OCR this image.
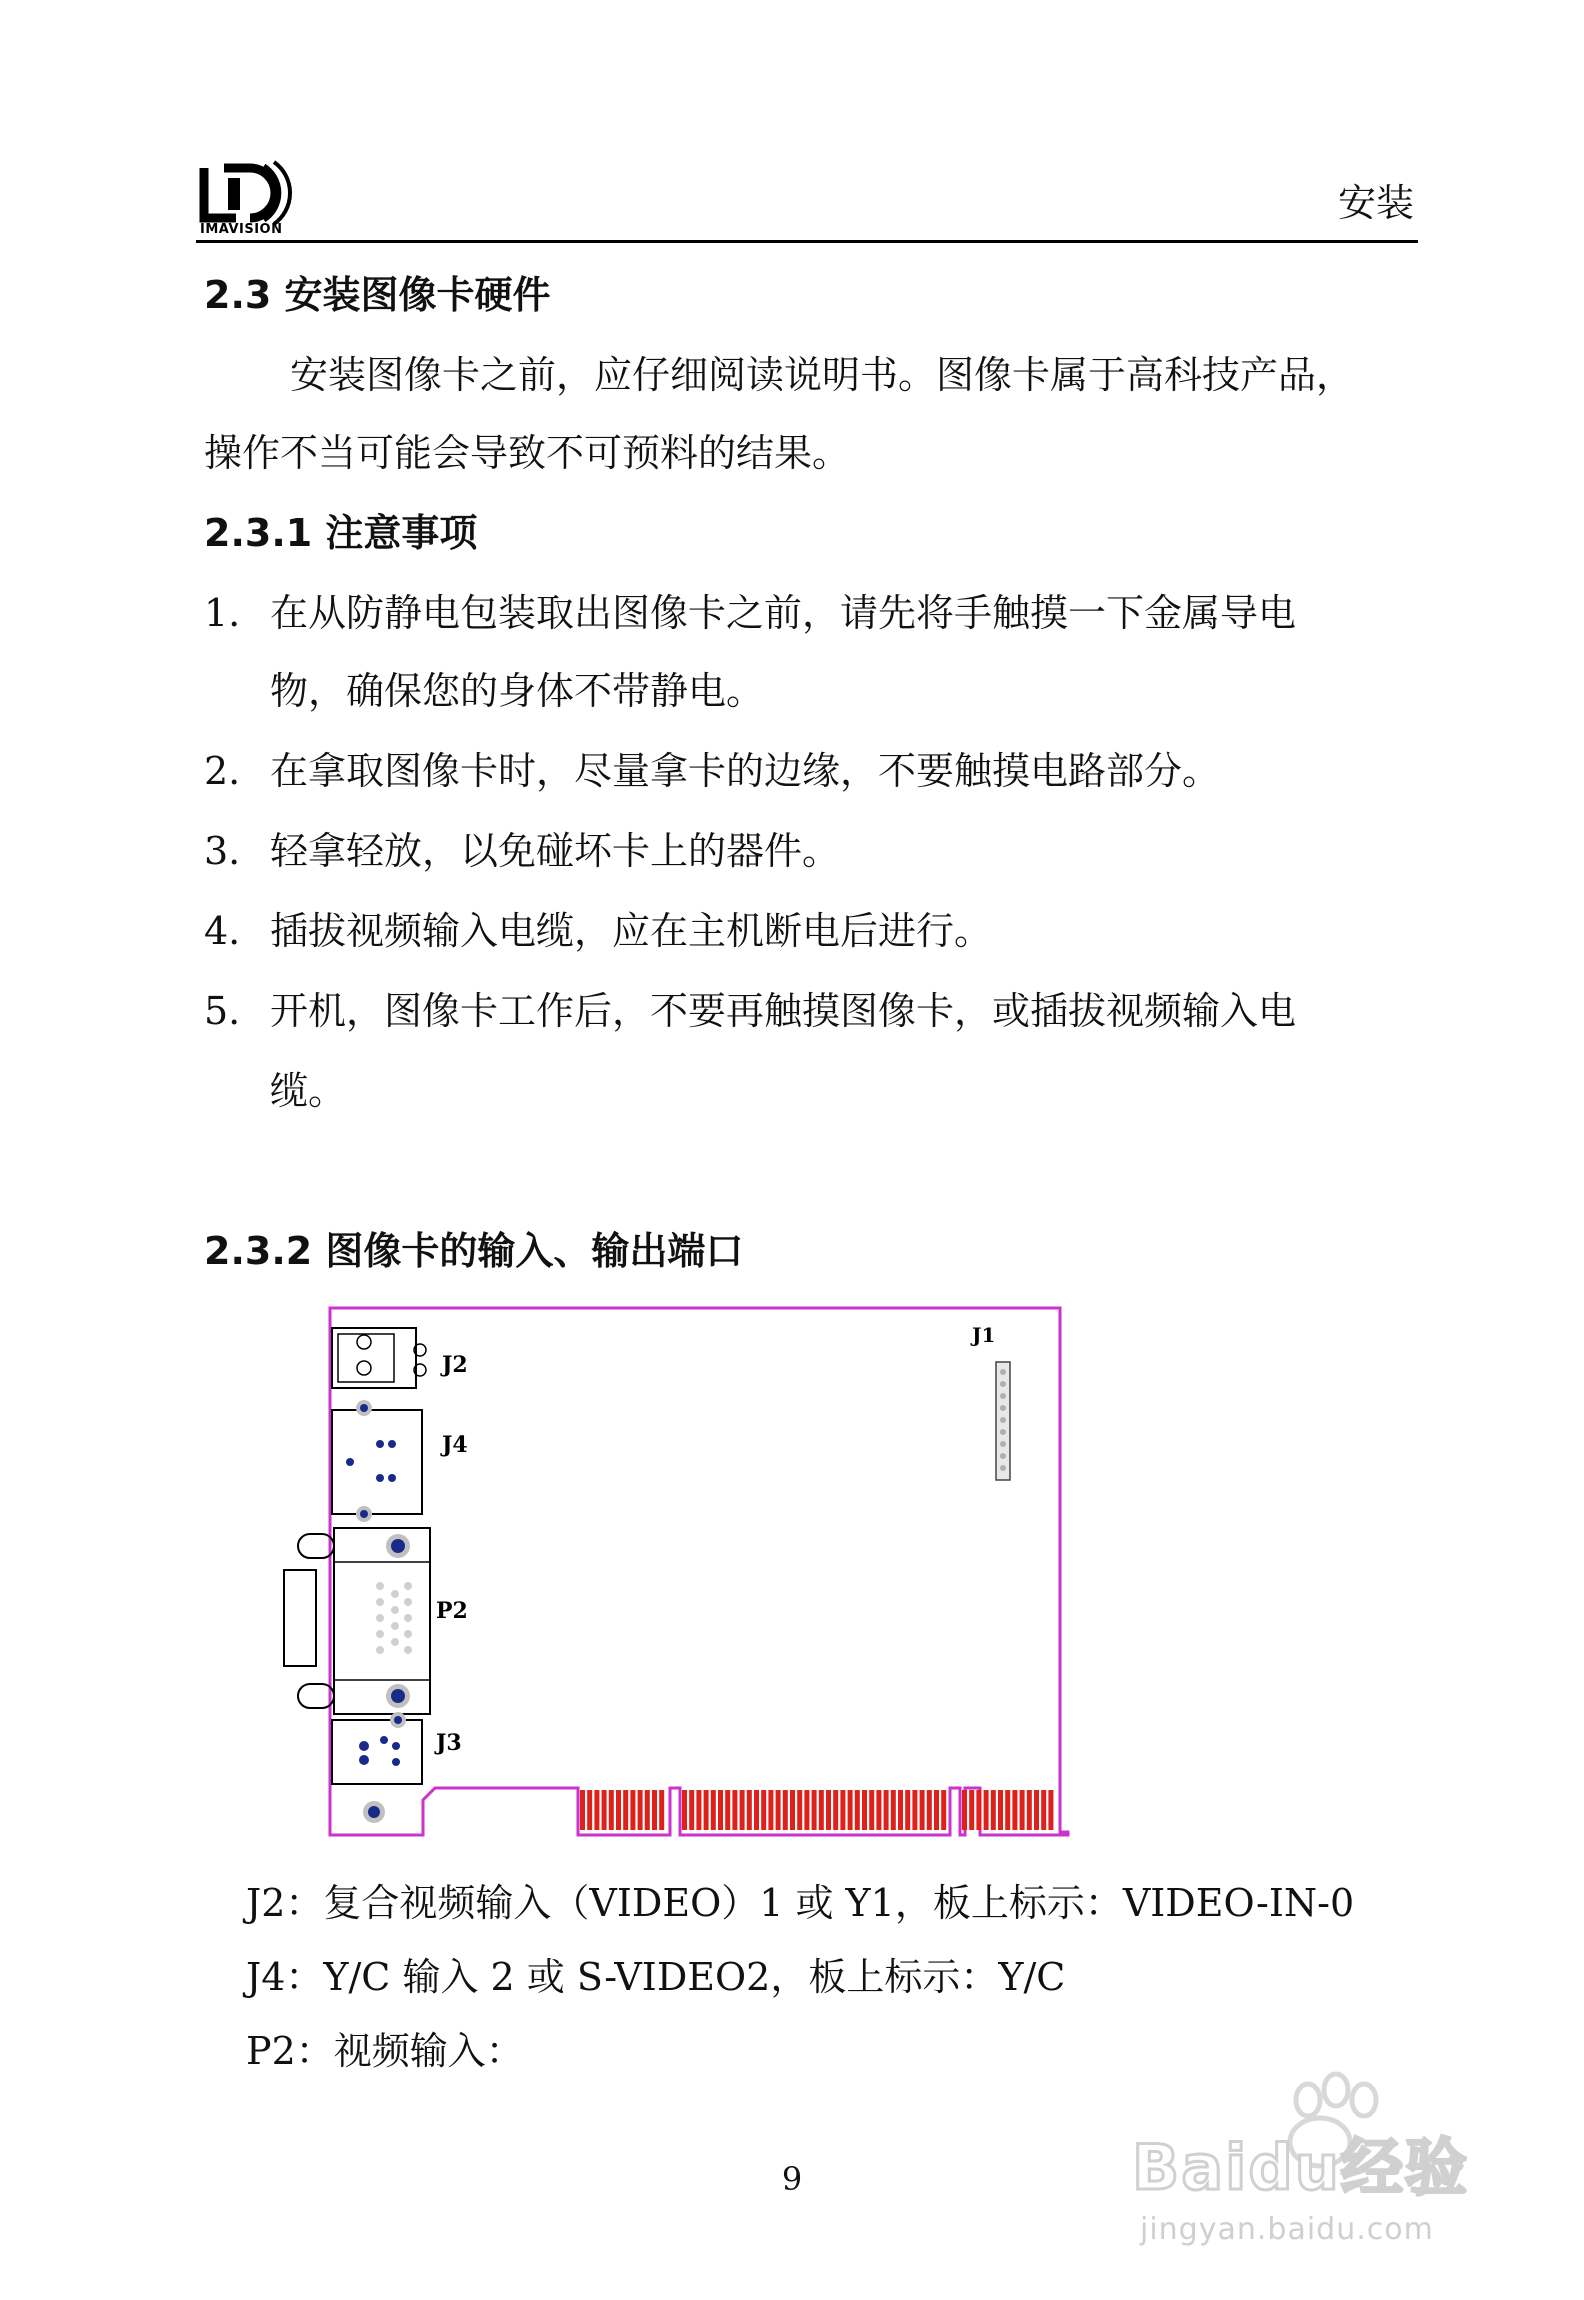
IMAVISION
安装
2.3 安装图像卡硬件
安装图像卡之前，应仔细阅读说明书。图像卡属于高科技产品，
操作不当可能会导致不可预料的结果。
2.3.1 注意事项
1. 在从防静电包装取出图像卡之前，请先将手触摸一下金属导电
物，确保您的身体不带静电。
2. 在拿取图像卡时，尽量拿卡的边缘，不要触摸电路部分。
3. 轻拿轻放，以免碰坏卡上的器件。
4. 插拔视频输入电缆，应在主机断电后进行。
5. 开机，图像卡工作后，不要再触摸图像卡，或插拔视频输入电
缆。
2.3.2 图像卡的输入、输出端口
J2
J4
P2
J3
J1
J2：复合视频输入（VIDEO）1 或 Y1，板上标示：VIDEO-IN-0
J4：Y/C 输入 2 或 S-VIDEO2，板上标示：Y/C
P2：视频输入：
9	Baidu经验
jingyan.baidu.com
